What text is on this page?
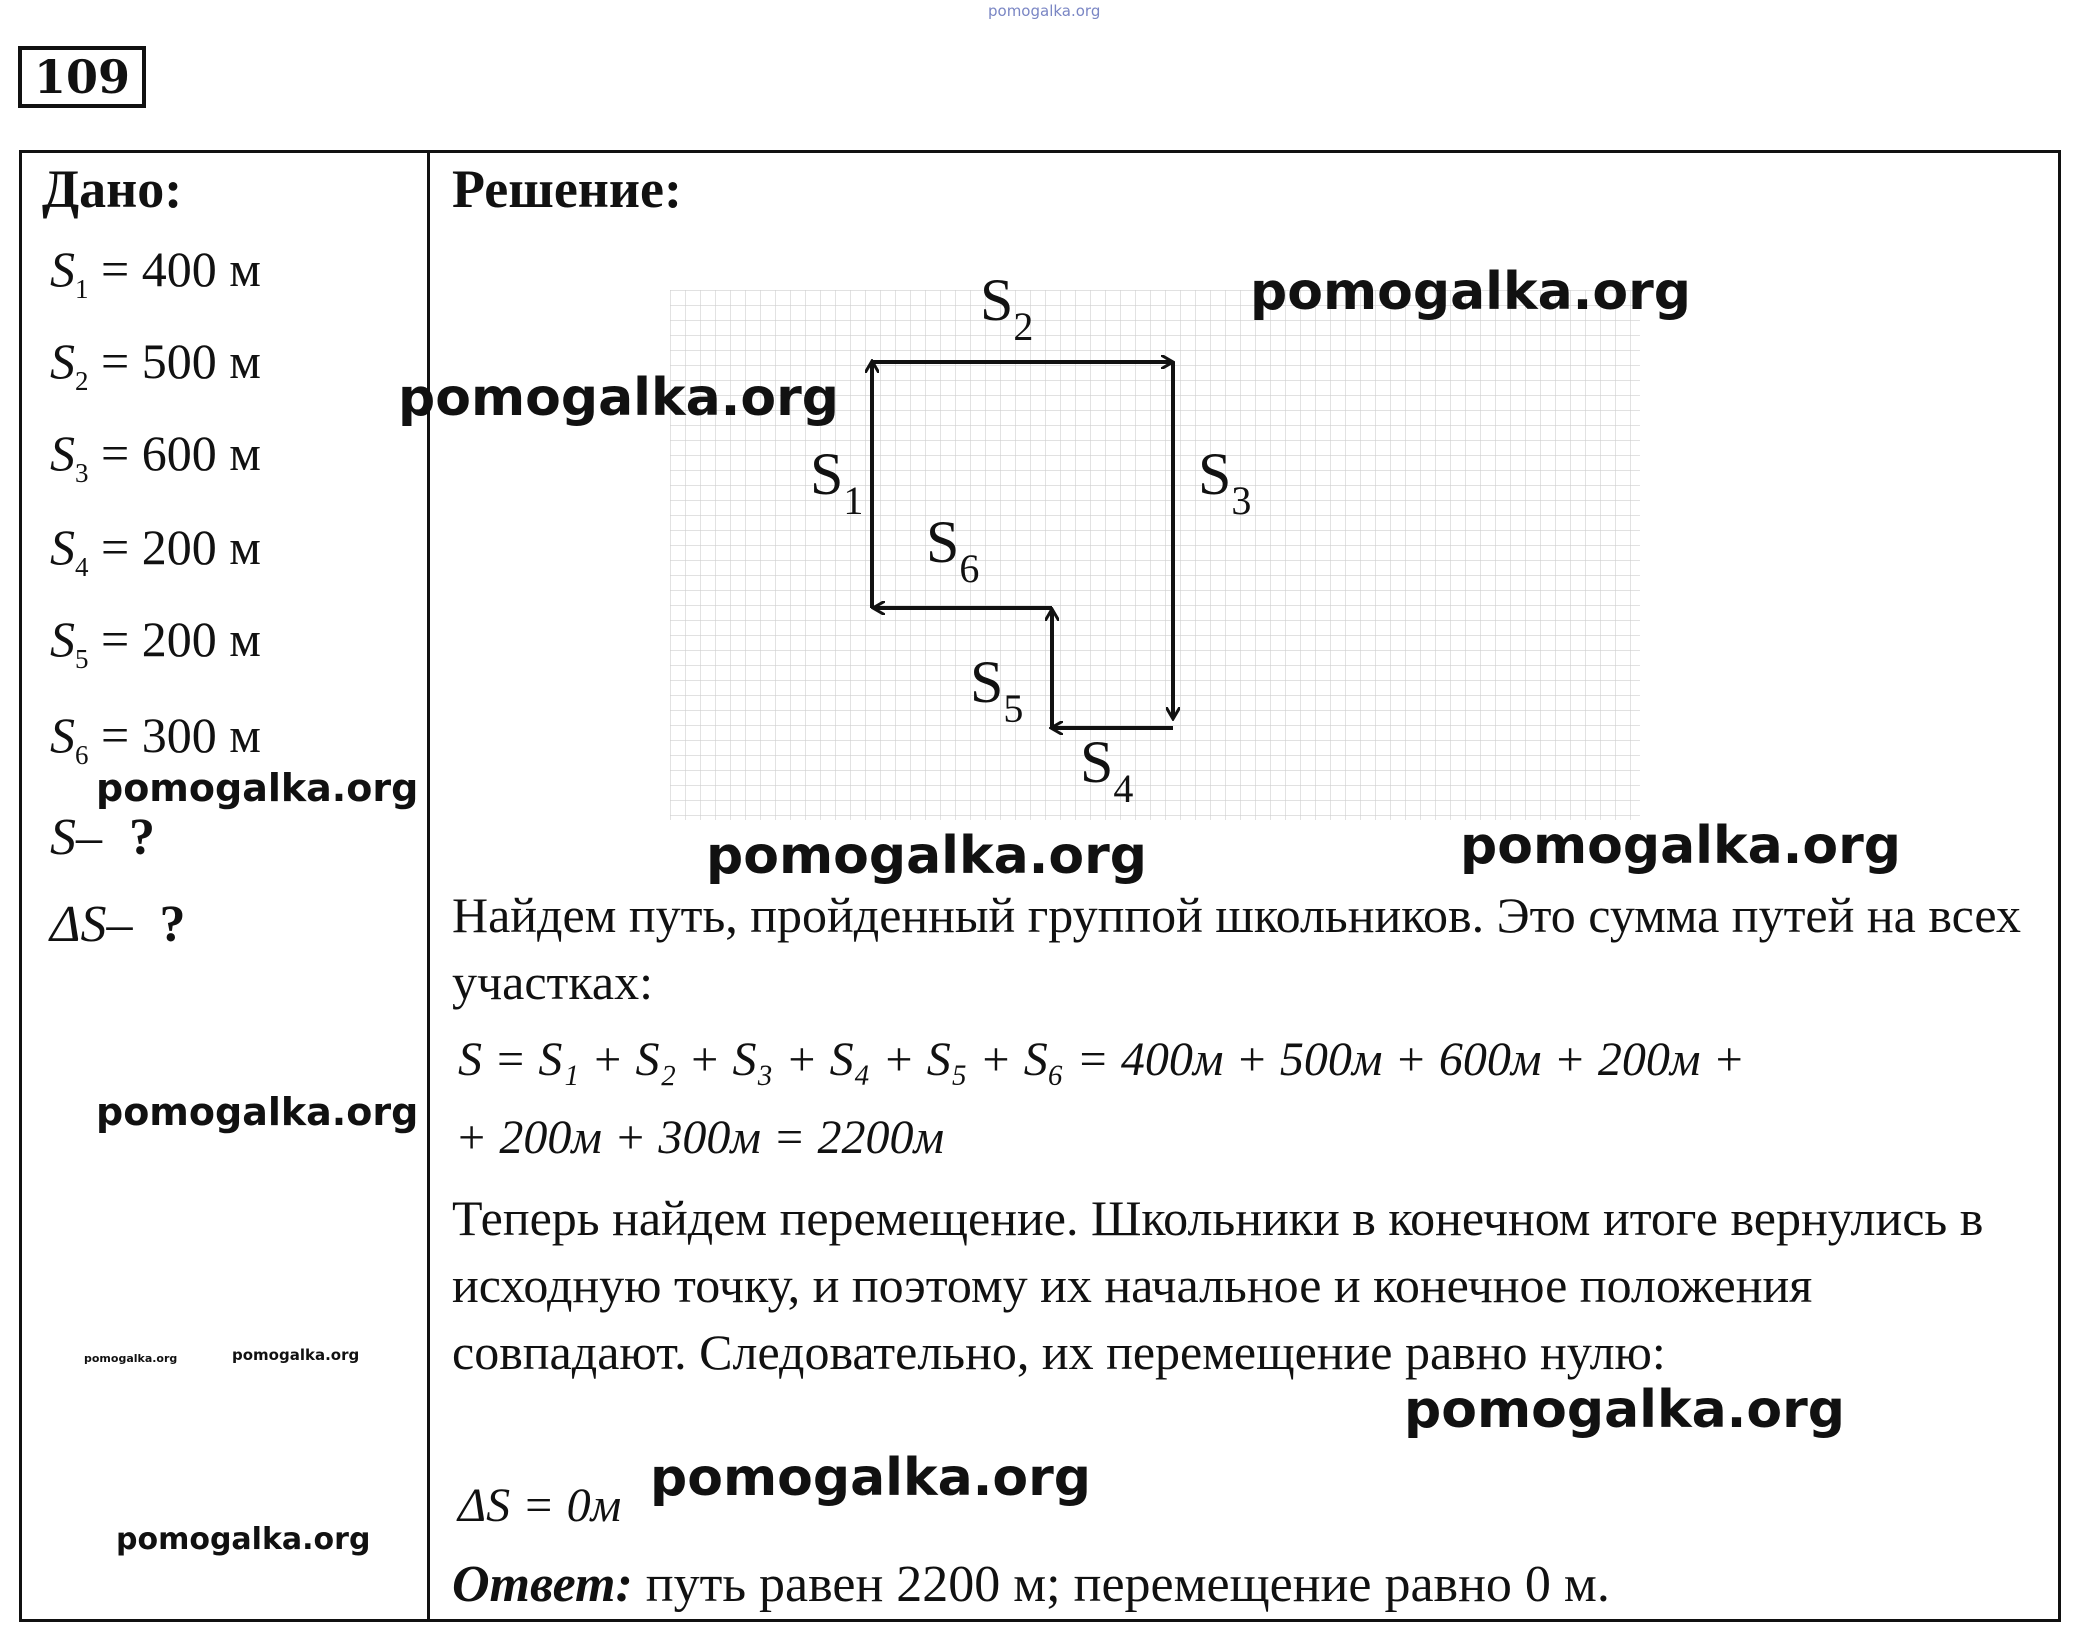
pomogalka.org
109
Дано:
$S_1 = 400$ м
$S_2 = 500$ м
$S_3 = 600$ м
$S_4 = 200$ м
$S_5 = 200$ м
$S_6 = 300$ м
S– ?
ΔS– ?
Решение:
$S_1$
$S_2$
$S_3$
$S_4$
$S_5$
$S_6$
Найдем путь, пройденный группой школьников. Это сумма путей на всех участках:
S = S₁ + S₂ + S₃ + S₄ + S₅ + S₆ = 400м + 500м + 600м + 200м +
+ 200м + 300м = 2200м
Теперь найдем перемещение. Школьники в конечном итоге вернулись в исходную точку, и поэтому их начальное и конечное положения совпадают. Следовательно, их перемещение равно нулю:
ΔS = 0м
Ответ: путь равен 2200 м; перемещение равно 0 м.
pomogalka.org
pomogalka.org
pomogalka.org
pomogalka.org	pomogalka.org
pomogalka.org
pomogalka.org	pomogalka.org
pomogalka.org
pomogalka.org
pomogalka.org
